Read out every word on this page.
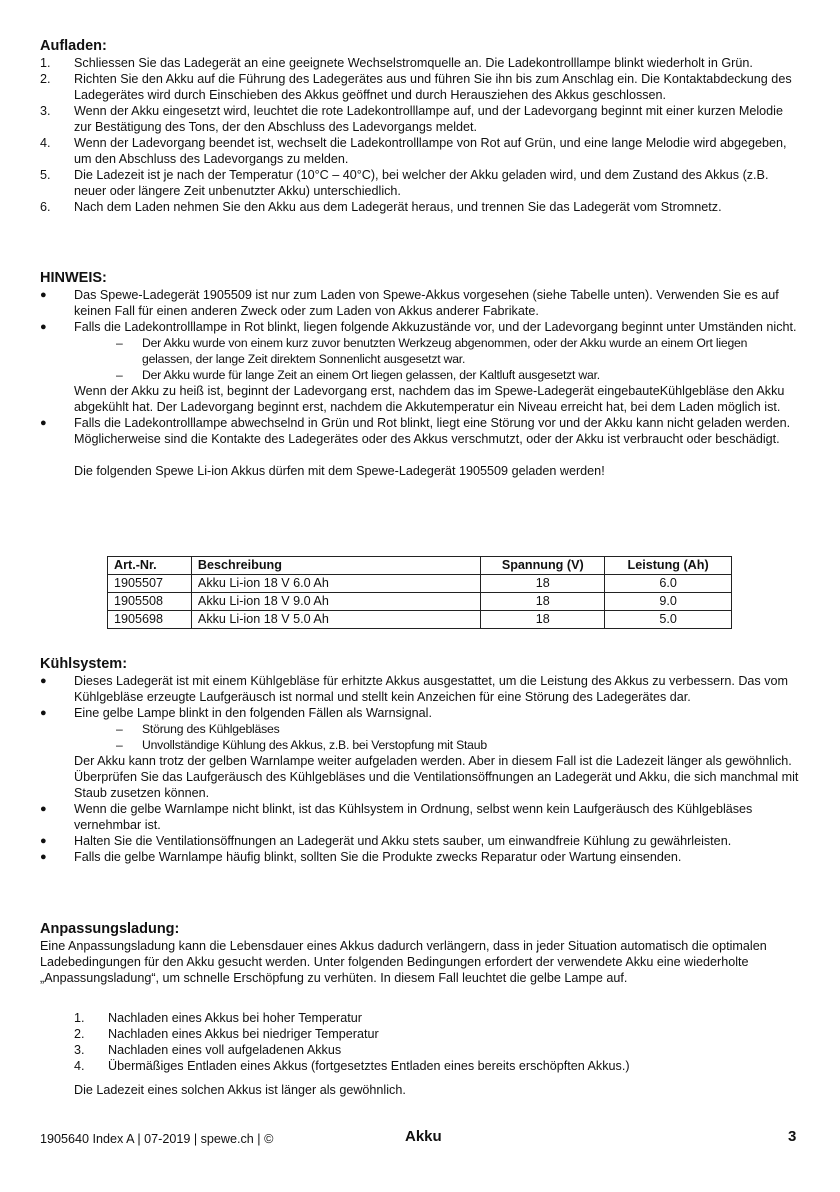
Aufladen:
1.	Schliessen Sie das Ladegerät an eine geeignete Wechselstromquelle an. Die Ladekontrolllampe blinkt wiederholt in Grün.
2.	Richten Sie den Akku auf die Führung des Ladegerätes aus und führen Sie ihn bis zum Anschlag ein. Die Kontaktabdeckung des Ladegerätes wird durch Einschieben des Akkus geöffnet und durch Herausziehen des Akkus geschlossen.
3.	Wenn der Akku eingesetzt wird, leuchtet die rote Ladekontrolllampe auf, und der Ladevorgang beginnt mit einer kurzen Melodie zur Bestätigung des Tons, der den Abschluss des Ladevorgangs meldet.
4.	Wenn der Ladevorgang beendet ist, wechselt die Ladekontrolllampe von Rot auf Grün, und eine lange Melodie wird abgegeben, um den Abschluss des Ladevorgangs zu melden.
5.	Die Ladezeit ist je nach der Temperatur (10°C – 40°C), bei welcher der Akku geladen wird, und dem Zustand des Akkus (z.B. neuer oder längere Zeit unbenutzter Akku) unterschiedlich.
6.	Nach dem Laden nehmen Sie den Akku aus dem Ladegerät heraus, und trennen Sie das Ladegerät vom Stromnetz.
HINWEIS:
●	Das Spewe-Ladegerät 1905509 ist nur zum Laden von Spewe-Akkus vorgesehen (siehe Tabelle unten). Verwenden Sie es auf keinen Fall für einen anderen Zweck oder zum Laden von Akkus anderer Fabrikate.
●	Falls die Ladekontrolllampe in Rot blinkt, liegen folgende Akkuzustände vor, und der Ladevorgang beginnt unter Umständen nicht.
– Der Akku wurde von einem kurz zuvor benutzten Werkzeug abgenommen, oder der Akku wurde an einem Ort liegen gelassen, der lange Zeit direktem Sonnenlicht ausgesetzt war.
– Der Akku wurde für lange Zeit an einem Ort liegen gelassen, der Kaltluft ausgesetzt war.
Wenn der Akku zu heiß ist, beginnt der Ladevorgang erst, nachdem das im Spewe-Ladegerät eingebauteKühlgebläse den Akku abgekühlt hat. Der Ladevorgang beginnt erst, nachdem die Akkutemperatur ein Niveau erreicht hat, bei dem Laden möglich ist.
●	Falls die Ladekontrolllampe abwechselnd in Grün und Rot blinkt, liegt eine Störung vor und der Akku kann nicht geladen werden. Möglicherweise sind die Kontakte des Ladegerätes oder des Akkus verschmutzt, oder der Akku ist verbraucht oder beschädigt.
Die folgenden Spewe Li-ion Akkus dürfen mit dem Spewe-Ladegerät 1905509 geladen werden!
Art.-Nr.	Beschreibung	Spannung (V)	Leistung (Ah)
1905507	Akku Li-ion 18 V 6.0 Ah	18	6.0
1905508	Akku Li-ion 18 V 9.0 Ah	18	9.0
1905698	Akku Li-ion 18 V 5.0 Ah	18	5.0
Kühlsystem:
●	Dieses Ladegerät ist mit einem Kühlgebläse für erhitzte Akkus ausgestattet, um die Leistung des Akkus zu verbessern. Das vom Kühlgebläse erzeugte Laufgeräusch ist normal und stellt kein Anzeichen für eine Störung des Ladegerätes dar.
●	Eine gelbe Lampe blinkt in den folgenden Fällen als Warnsignal.
– Störung des Kühlgebläses
– Unvollständige Kühlung des Akkus, z.B. bei Verstopfung mit Staub
Der Akku kann trotz der gelben Warnlampe weiter aufgeladen werden. Aber in diesem Fall ist die Ladezeit länger als gewöhnlich.
Überprüfen Sie das Laufgeräusch des Kühlgebläses und die Ventilationsöffnungen an Ladegerät und Akku, die sich manchmal mit Staub zusetzen können.
●	Wenn die gelbe Warnlampe nicht blinkt, ist das Kühlsystem in Ordnung, selbst wenn kein Laufgeräusch des Kühlgebläses vernehmbar ist.
●	Halten Sie die Ventilationsöffnungen an Ladegerät und Akku stets sauber, um einwandfreie Kühlung zu gewährleisten.
●	Falls die gelbe Warnlampe häufig blinkt, sollten Sie die Produkte zwecks Reparatur oder Wartung einsenden.
Anpassungsladung:
Eine Anpassungsladung kann die Lebensdauer eines Akkus dadurch verlängern, dass in jeder Situation automatisch die optimalen Ladebedingungen für den Akku gesucht werden. Unter folgenden Bedingungen erfordert der verwendete Akku eine wiederholte „Anpassungsladung“, um schnelle Erschöpfung zu verhüten. In diesem Fall leuchtet die gelbe Lampe auf.
1. Nachladen eines Akkus bei hoher Temperatur
2. Nachladen eines Akkus bei niedriger Temperatur
3. Nachladen eines voll aufgeladenen Akkus
4. Übermäßiges Entladen eines Akkus (fortgesetztes Entladen eines bereits erschöpften Akkus.)
Die Ladezeit eines solchen Akkus ist länger als gewöhnlich.
1905640 Index A | 07-2019 | spewe.ch | ©	Akku	3
